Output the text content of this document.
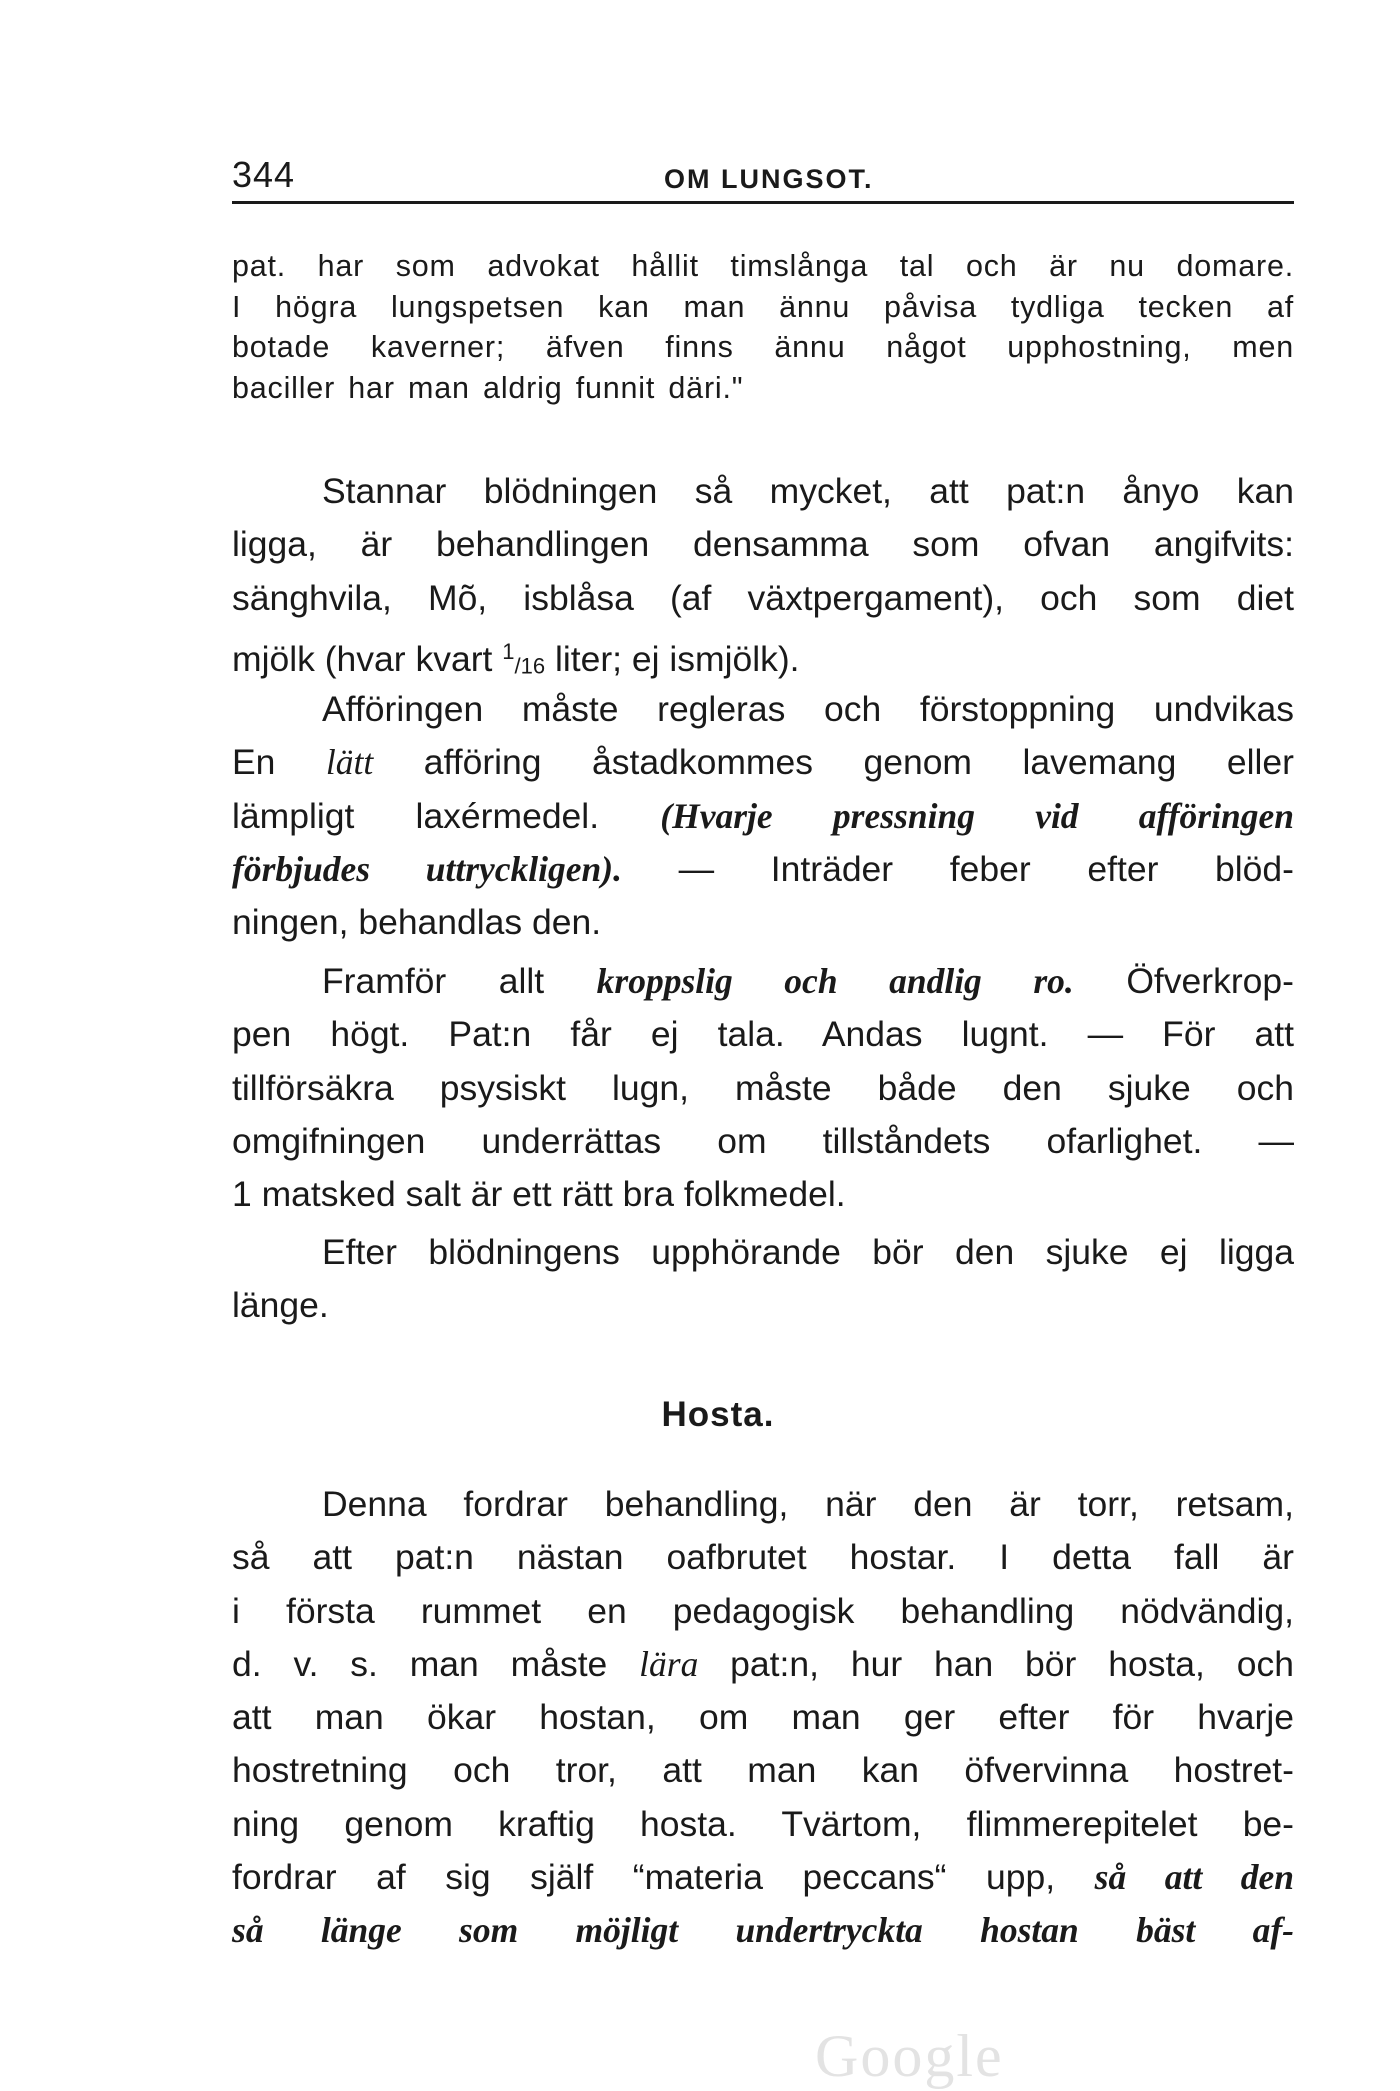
344	OM LUNGSOT.
pat. har som advokat hållit timslånga tal och är nu domare.
I högra lungspetsen kan man ännu påvisa tydliga tecken af
botade kaverner; äfven finns ännu något upphostning, men
baciller har man aldrig funnit däri."
Stannar blödningen så mycket, att pat:n ånyo kan
ligga, är behandlingen densamma som ofvan angifvits:
sänghvila, Mõ, isblåsa (af växtpergament), och som diet
mjölk (hvar kvart $^1_{/16}$ liter; ej ismjölk).
Afföringen måste regleras och förstoppning undvikas
En lätt afföring åstadkommes genom lavemang eller
lämpligt laxérmedel. (Hvarje pressning vid afföringen
förbjudes uttryckligen). — Inträder feber efter blöd-
ningen, behandlas den.
Framför allt kroppslig och andlig ro. Öfverkrop-
pen högt. Pat:n får ej tala. Andas lugnt. — För att
tillförsäkra psysiskt lugn, måste både den sjuke och
omgifningen underrättas om tillståndets ofarlighet. —
1 matsked salt är ett rätt bra folkmedel.
Efter blödningens upphörande bör den sjuke ej ligga
länge.
Hosta.
Denna fordrar behandling, när den är torr, retsam,
så att pat:n nästan oafbrutet hostar. I detta fall är
i första rummet en pedagogisk behandling nödvändig,
d. v. s. man måste lära pat:n, hur han bör hosta, och
att man ökar hostan, om man ger efter för hvarje
hostretning och tror, att man kan öfvervinna hostret-
ning genom kraftig hosta. Tvärtom, flimmerepitelet be-
fordrar af sig själf “materia peccans“ upp, så att den
så länge som möjligt undertryckta hostan bäst af-
Google
